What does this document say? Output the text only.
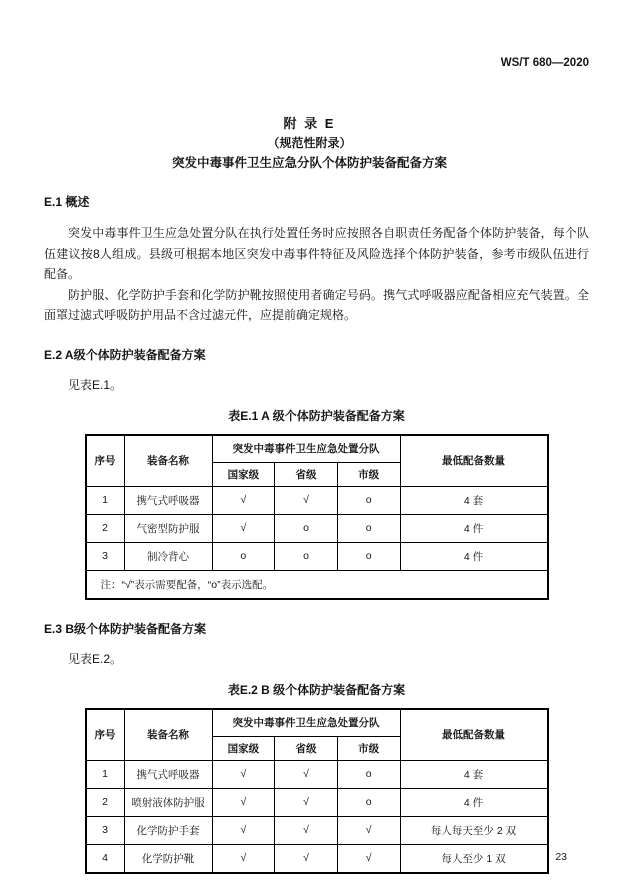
WS/T 680—2020
附 录 E
（规范性附录）
突发中毒事件卫生应急分队个体防护装备配备方案
E.1 概述

突发中毒事件卫生应急处置分队在执行处置任务时应按照各自职责任务配备个体防护装备，每个队伍建议按8人组成。县级可根据本地区突发中毒事件特征及风险选择个体防护装备，参考市级队伍进行配备。

防护服、化学防护手套和化学防护靴按照使用者确定号码。携气式呼吸器应配备相应充气装置。全面罩过滤式呼吸防护用品不含过滤元件，应提前确定规格。

E.2 A级个体防护装备配备方案
见表E.1。
表E.1 A 级个体防护装备配备方案
序号	装备名称	突发中毒事件卫生应急处置分队			最低配备数量
		国家级	省级	市级	
1	携气式呼吸器	√	√	o	4 套
2	气密型防护服	√	o	o	4 件
3	制冷背心	o	o	o	4 件
注：“√”表示需要配备，“o”表示选配。					
E.3 B级个体防护装备配备方案
见表E.2。
表E.2 B 级个体防护装备配备方案
序号	装备名称	突发中毒事件卫生应急处置分队			最低配备数量
		国家级	省级	市级	
1	携气式呼吸器	√	√	o	4 套
2	喷射液体防护服	√	√	o	4 件
3	化学防护手套	√	√	√	每人每天至少 2 双
4	化学防护靴	√	√	√	每人至少 1 双	23
